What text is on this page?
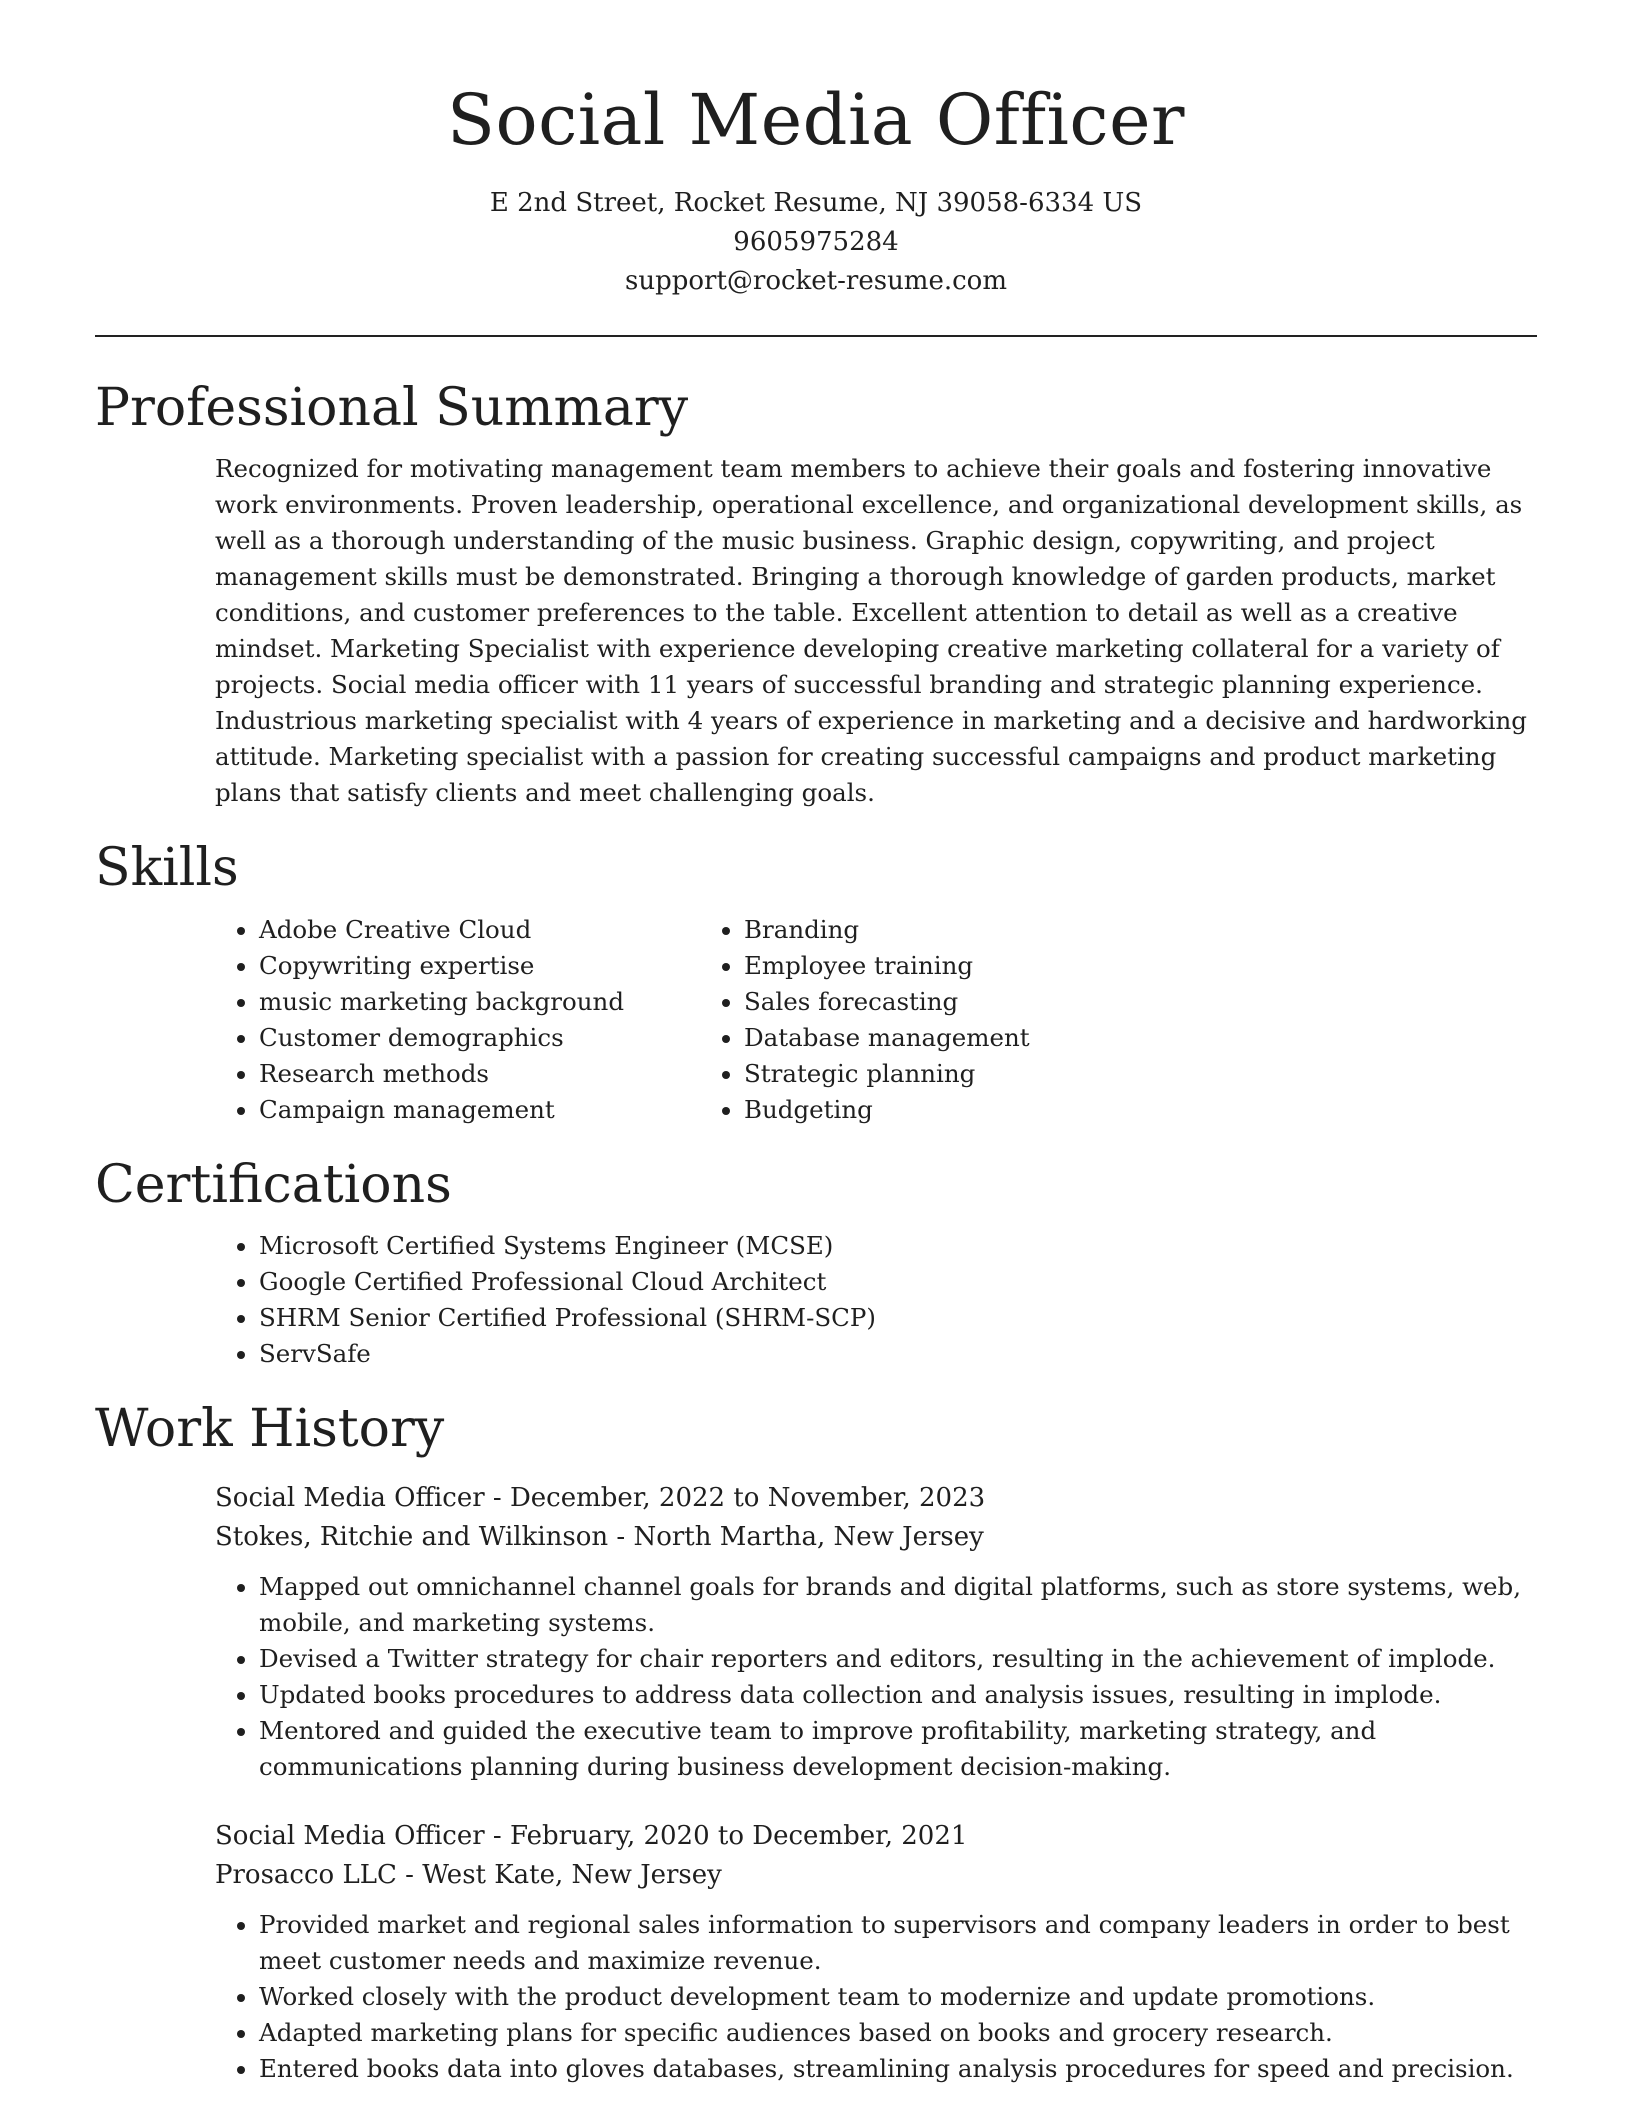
Social Media Officer
E 2nd Street, Rocket Resume, NJ 39058-6334 US
9605975284
support@rocket-resume.com
Professional Summary

Recognized for motivating management team members to achieve their goals and fostering innovative work environments. Proven leadership, operational excellence, and organizational development skills, as well as a thorough understanding of the music business. Graphic design, copywriting, and project management skills must be demonstrated. Bringing a thorough knowledge of garden products, market conditions, and customer preferences to the table. Excellent attention to detail as well as a creative mindset. Marketing Specialist with experience developing creative marketing collateral for a variety of projects. Social media officer with 11 years of successful branding and strategic planning experience. Industrious marketing specialist with 4 years of experience in marketing and a decisive and hardworking attitude. Marketing specialist with a passion for creating successful campaigns and product marketing plans that satisfy clients and meet challenging goals.

Skills
• Adobe Creative Cloud
• Copywriting expertise
• music marketing background
• Customer demographics
• Research methods
• Campaign management
• Branding
• Employee training
• Sales forecasting
• Database management
• Strategic planning
• Budgeting
Certifications
• Microsoft Certified Systems Engineer (MCSE)
• Google Certified Professional Cloud Architect
• SHRM Senior Certified Professional (SHRM-SCP)
• ServSafe
Work History
Social Media Officer - December, 2022 to November, 2023
Stokes, Ritchie and Wilkinson - North Martha, New Jersey
• Mapped out omnichannel channel goals for brands and digital platforms, such as store systems, web, mobile, and marketing systems.
• Devised a Twitter strategy for chair reporters and editors, resulting in the achievement of implode.
• Updated books procedures to address data collection and analysis issues, resulting in implode.
• Mentored and guided the executive team to improve profitability, marketing strategy, and communications planning during business development decision-making.
Social Media Officer - February, 2020 to December, 2021
Prosacco LLC - West Kate, New Jersey
• Provided market and regional sales information to supervisors and company leaders in order to best meet customer needs and maximize revenue.
• Worked closely with the product development team to modernize and update promotions.
• Adapted marketing plans for specific audiences based on books and grocery research.
• Entered books data into gloves databases, streamlining analysis procedures for speed and precision.
